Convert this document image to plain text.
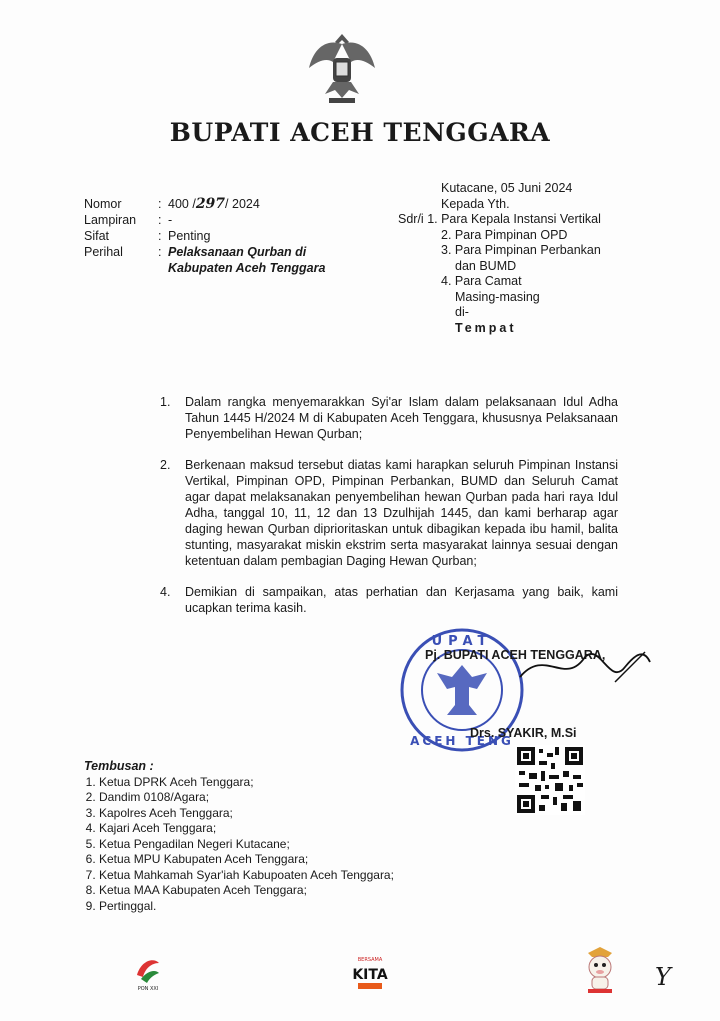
BUPATI ACEH TENGGARA
Nomor	: 400 /297/ 2024
Lampiran	: -
Sifat	: Penting
Perihal	: Pelaksanaan Qurban di
Kabupaten Aceh Tenggara
Kutacane, 05 Juni 2024
Kepada Yth.
Sdr/i 1. Para Kepala Instansi Vertikal
2. Para Pimpinan OPD
3. Para Pimpinan Perbankan
dan BUMD
4. Para Camat
Masing-masing
di-
Tempat
1.	Dalam rangka menyemarakkan Syi'ar Islam dalam pelaksanaan Idul Adha Tahun 1445 H/2024 M di Kabupaten Aceh Tenggara, khususnya Pelaksanaan Penyembelihan Hewan Qurban;
2.	Berkenaan maksud tersebut diatas kami harapkan seluruh Pimpinan Instansi Vertikal, Pimpinan OPD, Pimpinan Perbankan, BUMD dan Seluruh Camat agar dapat melaksanakan penyembelihan hewan Qurban pada hari raya Idul Adha, tanggal 10, 11, 12 dan 13 Dzulhijah 1445, dan kami berharap agar daging hewan Qurban diprioritaskan untuk dibagikan kepada ibu hamil, balita stunting, masyarakat miskin ekstrim serta masyarakat lainnya sesuai dengan ketentuan dalam pembagian Daging Hewan Qurban;
4.	Demikian di sampaikan, atas perhatian dan Kerjasama yang baik, kami ucapkan terima kasih.
UPAT
ACEH TENG
Pj. BUPATI ACEH TENGGARA,
Drs. SYAKIR, M.Si
Tembusan :
1. Ketua DPRK Aceh Tenggara;
2. Dandim 0108/Agara;
3. Kapolres Aceh Tenggara;
4. Kajari Aceh Tenggara;
5. Ketua Pengadilan Negeri Kutacane;
6. Ketua MPU Kabupaten Aceh Tenggara;
7. Ketua Mahkamah Syar'iah Kabupoaten Aceh Tenggara;
8. Ketua MAA Kabupaten Aceh Tenggara;
9. Pertinggal.
PON XXI
BERSAMA
KITA	Y
